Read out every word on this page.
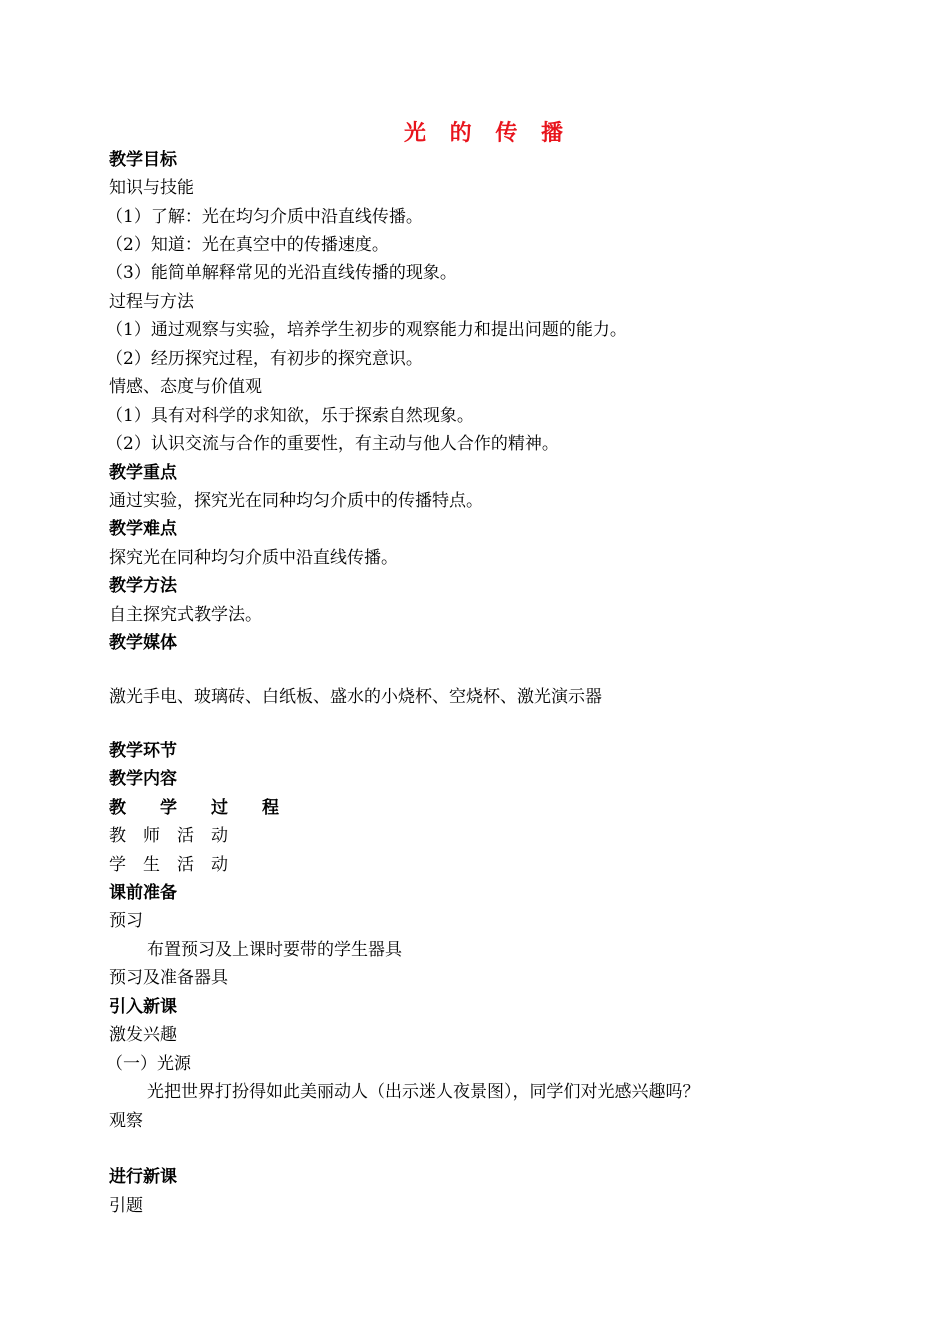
光 的 传 播
教学目标
知识与技能
（1）了解：光在均匀介质中沿直线传播。
（2）知道：光在真空中的传播速度。
（3）能简单解释常见的光沿直线传播的现象。
过程与方法
（1）通过观察与实验，培养学生初步的观察能力和提出问题的能力。
（2）经历探究过程，有初步的探究意识。
情感、态度与价值观
（1）具有对科学的求知欲，乐于探索自然现象。
（2）认识交流与合作的重要性，有主动与他人合作的精神。
教学重点
通过实验，探究光在同种均匀介质中的传播特点。
教学难点
探究光在同种均匀介质中沿直线传播。
教学方法
自主探究式教学法。
教学媒体
激光手电、玻璃砖、白纸板、盛水的小烧杯、空烧杯、激光演示器
教学环节
教学内容
教　　学　　过　　程
教　师　活　动
学　生　活　动
课前准备
预习
布置预习及上课时要带的学生器具
预习及准备器具
引入新课
激发兴趣
（一）光源
光把世界打扮得如此美丽动人（出示迷人夜景图），同学们对光感兴趣吗？
观察
进行新课
引题
